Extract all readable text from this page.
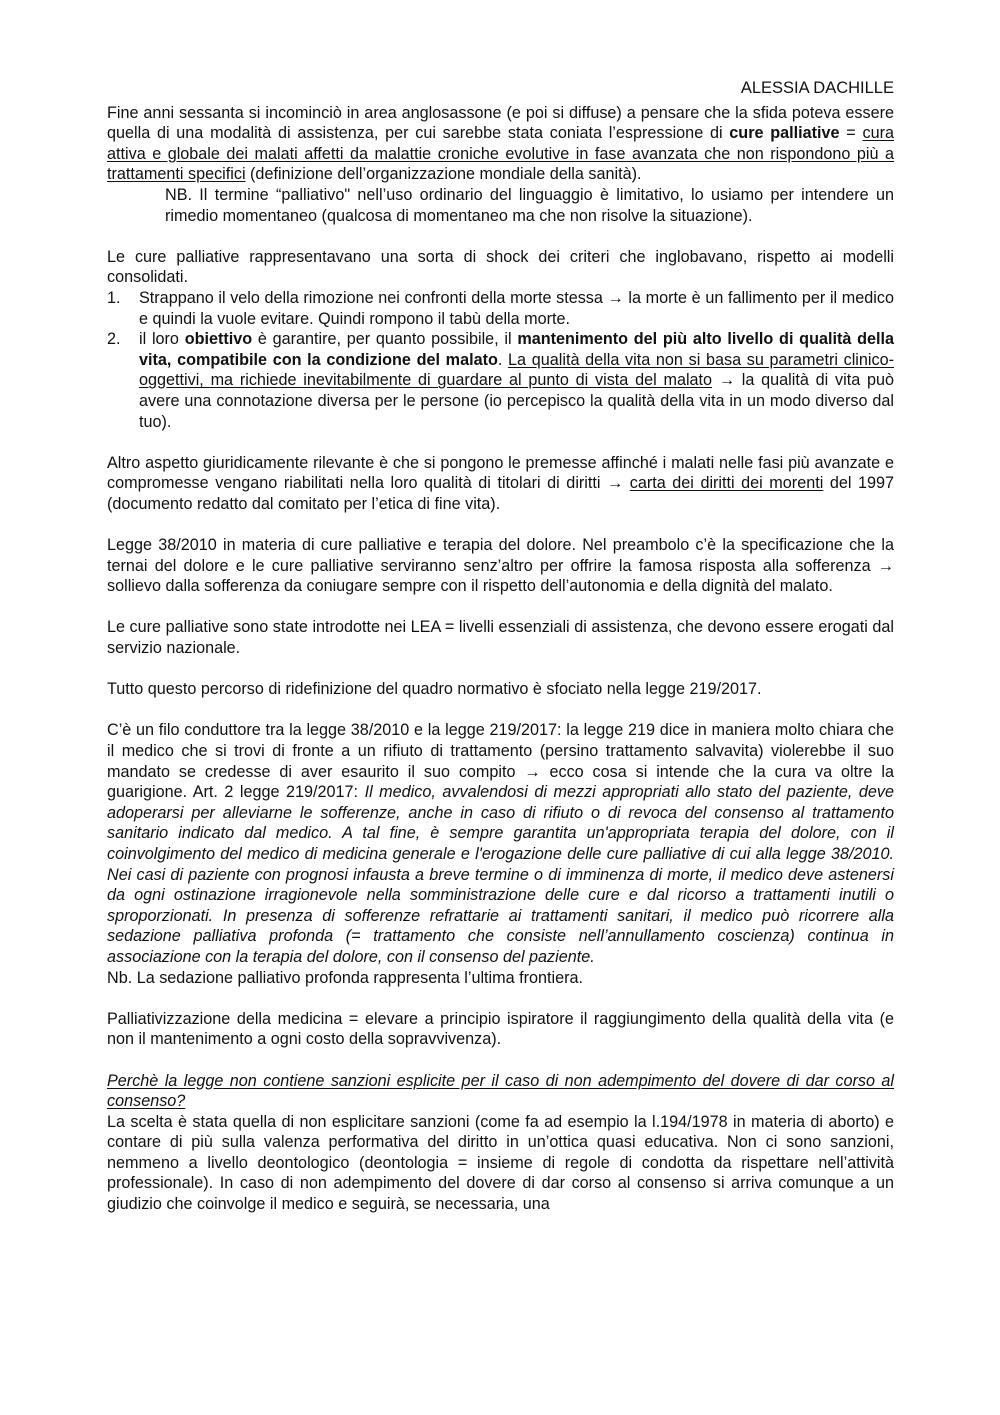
ALESSIA DACHILLE

Fine anni sessanta si incominciò in area anglosassone (e poi si diffuse) a pensare che la sfida poteva essere quella di una modalità di assistenza, per cui sarebbe stata coniata l’espressione di cure palliative = cura attiva e globale dei malati affetti da malattie croniche evolutive in fase avanzata che non rispondono più a trattamenti specifici (definizione dell’organizzazione mondiale della sanità).

NB. Il termine “palliativo" nell’uso ordinario del linguaggio è limitativo, lo usiamo per intendere un rimedio momentaneo (qualcosa di momentaneo ma che non risolve la situazione).

Le cure palliative rappresentavano una sorta di shock dei criteri che inglobavano, rispetto ai modelli consolidati.

1. Strappano il velo della rimozione nei confronti della morte stessa → la morte è un fallimento per il medico e quindi la vuole evitare. Quindi rompono il tabù della morte.
2. il loro obiettivo è garantire, per quanto possibile, il mantenimento del più alto livello di qualità della vita, compatibile con la condizione del malato. La qualità della vita non si basa su parametri clinico-oggettivi, ma richiede inevitabilmente di guardare al punto di vista del malato → la qualità di vita può avere una connotazione diversa per le persone (io percepisco la qualità della vita in un modo diverso dal tuo).

Altro aspetto giuridicamente rilevante è che si pongono le premesse affinché i malati nelle fasi più avanzate e compromesse vengano riabilitati nella loro qualità di titolari di diritti → carta dei diritti dei morenti del 1997 (documento redatto dal comitato per l’etica di fine vita).

Legge 38/2010 in materia di cure palliative e terapia del dolore. Nel preambolo c’è la specificazione che la ternai del dolore e le cure palliative serviranno senz’altro per offrire la famosa risposta alla sofferenza → sollievo dalla sofferenza da coniugare sempre con il rispetto dell’autonomia e della dignità del malato.

Le cure palliative sono state introdotte nei LEA = livelli essenziali di assistenza, che devono essere erogati dal servizio nazionale.

Tutto questo percorso di ridefinizione del quadro normativo è sfociato nella legge 219/2017.

C’è un filo conduttore tra la legge 38/2010 e la legge 219/2017: la legge 219 dice in maniera molto chiara che il medico che si trovi di fronte a un rifiuto di trattamento (persino trattamento salvavita) violerebbe il suo mandato se credesse di aver esaurito il suo compito → ecco cosa si intende che la cura va oltre la guarigione. Art. 2 legge 219/2017: Il medico, avvalendosi di mezzi appropriati allo stato del paziente, deve adoperarsi per alleviarne le sofferenze, anche in caso di rifiuto o di revoca del consenso al trattamento sanitario indicato dal medico. A tal fine, è sempre garantita un'appropriata terapia del dolore, con il coinvolgimento del medico di medicina generale e l'erogazione delle cure palliative di cui alla legge 38/2010. Nei casi di paziente con prognosi infausta a breve termine o di imminenza di morte, il medico deve astenersi da ogni ostinazione irragionevole nella somministrazione delle cure e dal ricorso a trattamenti inutili o sproporzionati. In presenza di sofferenze refrattarie ai trattamenti sanitari, il medico può ricorrere alla sedazione palliativa profonda (= trattamento che consiste nell’annullamento coscienza) continua in associazione con la terapia del dolore, con il consenso del paziente.

Nb. La sedazione palliativo profonda rappresenta l’ultima frontiera.

Palliativizzazione della medicina = elevare a principio ispiratore il raggiungimento della qualità della vita (e non il mantenimento a ogni costo della sopravvivenza).

Perchè la legge non contiene sanzioni esplicite per il caso di non adempimento del dovere di dar corso al consenso?

La scelta è stata quella di non esplicitare sanzioni (come fa ad esempio la l.194/1978 in materia di aborto) e contare di più sulla valenza performativa del diritto in un’ottica quasi educativa. Non ci sono sanzioni, nemmeno a livello deontologico (deontologia = insieme di regole di condotta da rispettare nell’attività professionale). In caso di non adempimento del dovere di dar corso al consenso si arriva comunque a un giudizio che coinvolge il medico e seguirà, se necessaria, una
